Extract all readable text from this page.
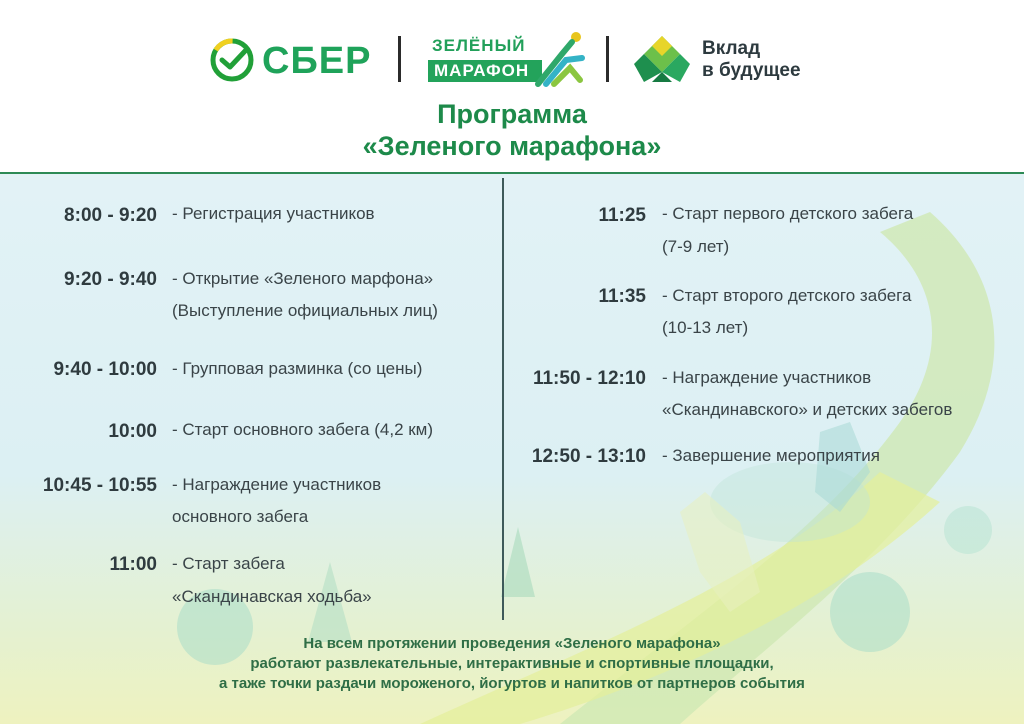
СБЕР	ЗЕЛЁНЫЙ
МАРАФОН
Вклад
в будущее
Программа
«Зеленого марафона»
8:00 - 9:20 - Регистрация участников
9:20 - 9:40 - Открытие «Зеленого марфона»
(Выступление официальных лиц)
9:40 - 10:00 - Групповая разминка (со цены)
10:00 - Старт основного забега (4,2 км)
10:45 - 10:55 - Награждение участников
основного забега
11:00 - Старт забега
«Скандинавская ходьба»
11:25 - Старт первого детского забега
(7-9 лет)
11:35 - Старт второго детского забега
(10-13 лет)
11:50 - 12:10 - Награждение участников
«Скандинавского» и детских забегов
12:50 - 13:10 - Завершение мероприятия
На всем протяжении проведения «Зеленого марафона»
работают развлекательные, интерактивные и спортивные площадки,
а таже точки раздачи мороженого, йогуртов и напитков от партнеров события
